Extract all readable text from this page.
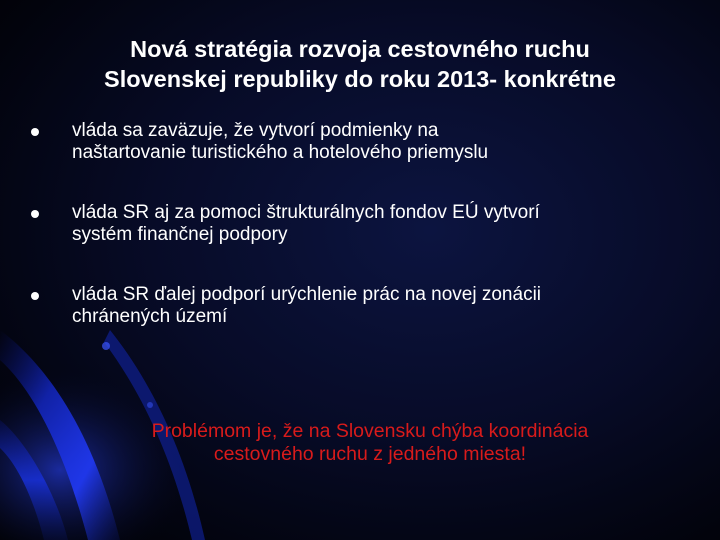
Nová stratégia rozvoja cestovného ruchu
Slovenskej republiky do roku 2013- konkrétne
vláda sa zaväzuje, že vytvorí podmienky na
naštartovanie turistického a hotelového priemyslu
vláda SR aj za pomoci štrukturálnych fondov EÚ vytvorí
systém finančnej podpory
vláda SR ďalej podporí urýchlenie prác na novej zonácii
chránených území
Problémom je, že na Slovensku chýba koordinácia
cestovného ruchu z jedného miesta!
